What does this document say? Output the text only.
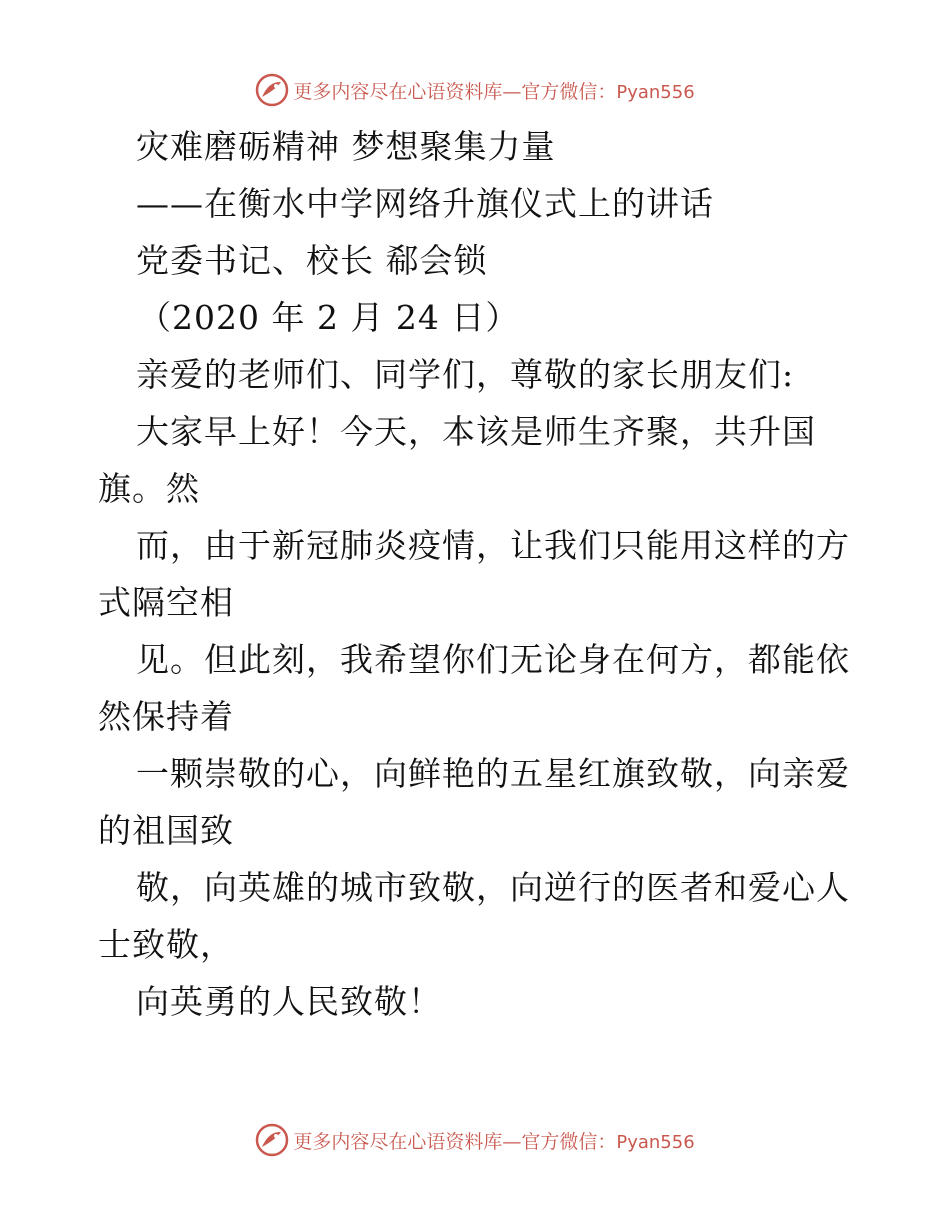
更多内容尽在心语资料库—官方微信：Pyan556
灾难磨砺精神 梦想聚集力量
——在衡水中学网络升旗仪式上的讲话
党委书记、校长 郗会锁
（2020 年 2 月 24 日）
亲爱的老师们、同学们，尊敬的家长朋友们:
大家早上好！今天，本该是师生齐聚，共升国
旗。然
而，由于新冠肺炎疫情，让我们只能用这样的方
式隔空相
见。但此刻，我希望你们无论身在何方，都能依
然保持着
一颗崇敬的心，向鲜艳的五星红旗致敬，向亲爱
的祖国致
敬，向英雄的城市致敬，向逆行的医者和爱心人
士致敬，
向英勇的人民致敬！
更多内容尽在心语资料库—官方微信：Pyan556
